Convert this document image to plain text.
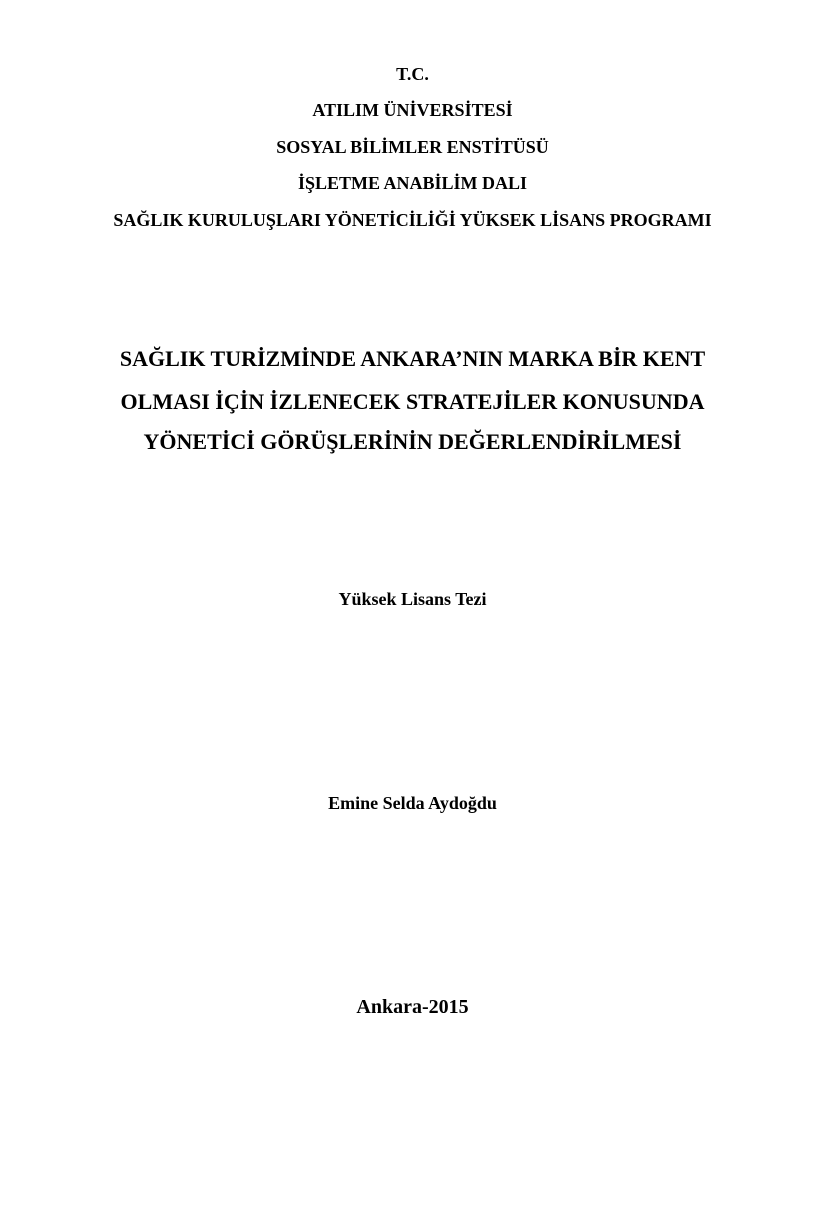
T.C.
ATILIM ÜNİVERSİTESİ
SOSYAL BİLİMLER ENSTİTÜSÜ
İŞLETME ANABİLİM DALI
SAĞLIK KURULUŞLARI YÖNETİCİLİĞİ YÜKSEK LİSANS PROGRAMI
SAĞLIK TURİZMİNDE ANKARA’NIN MARKA BİR KENT
OLMASI İÇİN İZLENECEK STRATEJİLER KONUSUNDA
YÖNETİCİ GÖRÜŞLERİNİN DEĞERLENDİRİLMESİ
Yüksek Lisans Tezi
Emine Selda Aydoğdu
Ankara-2015
